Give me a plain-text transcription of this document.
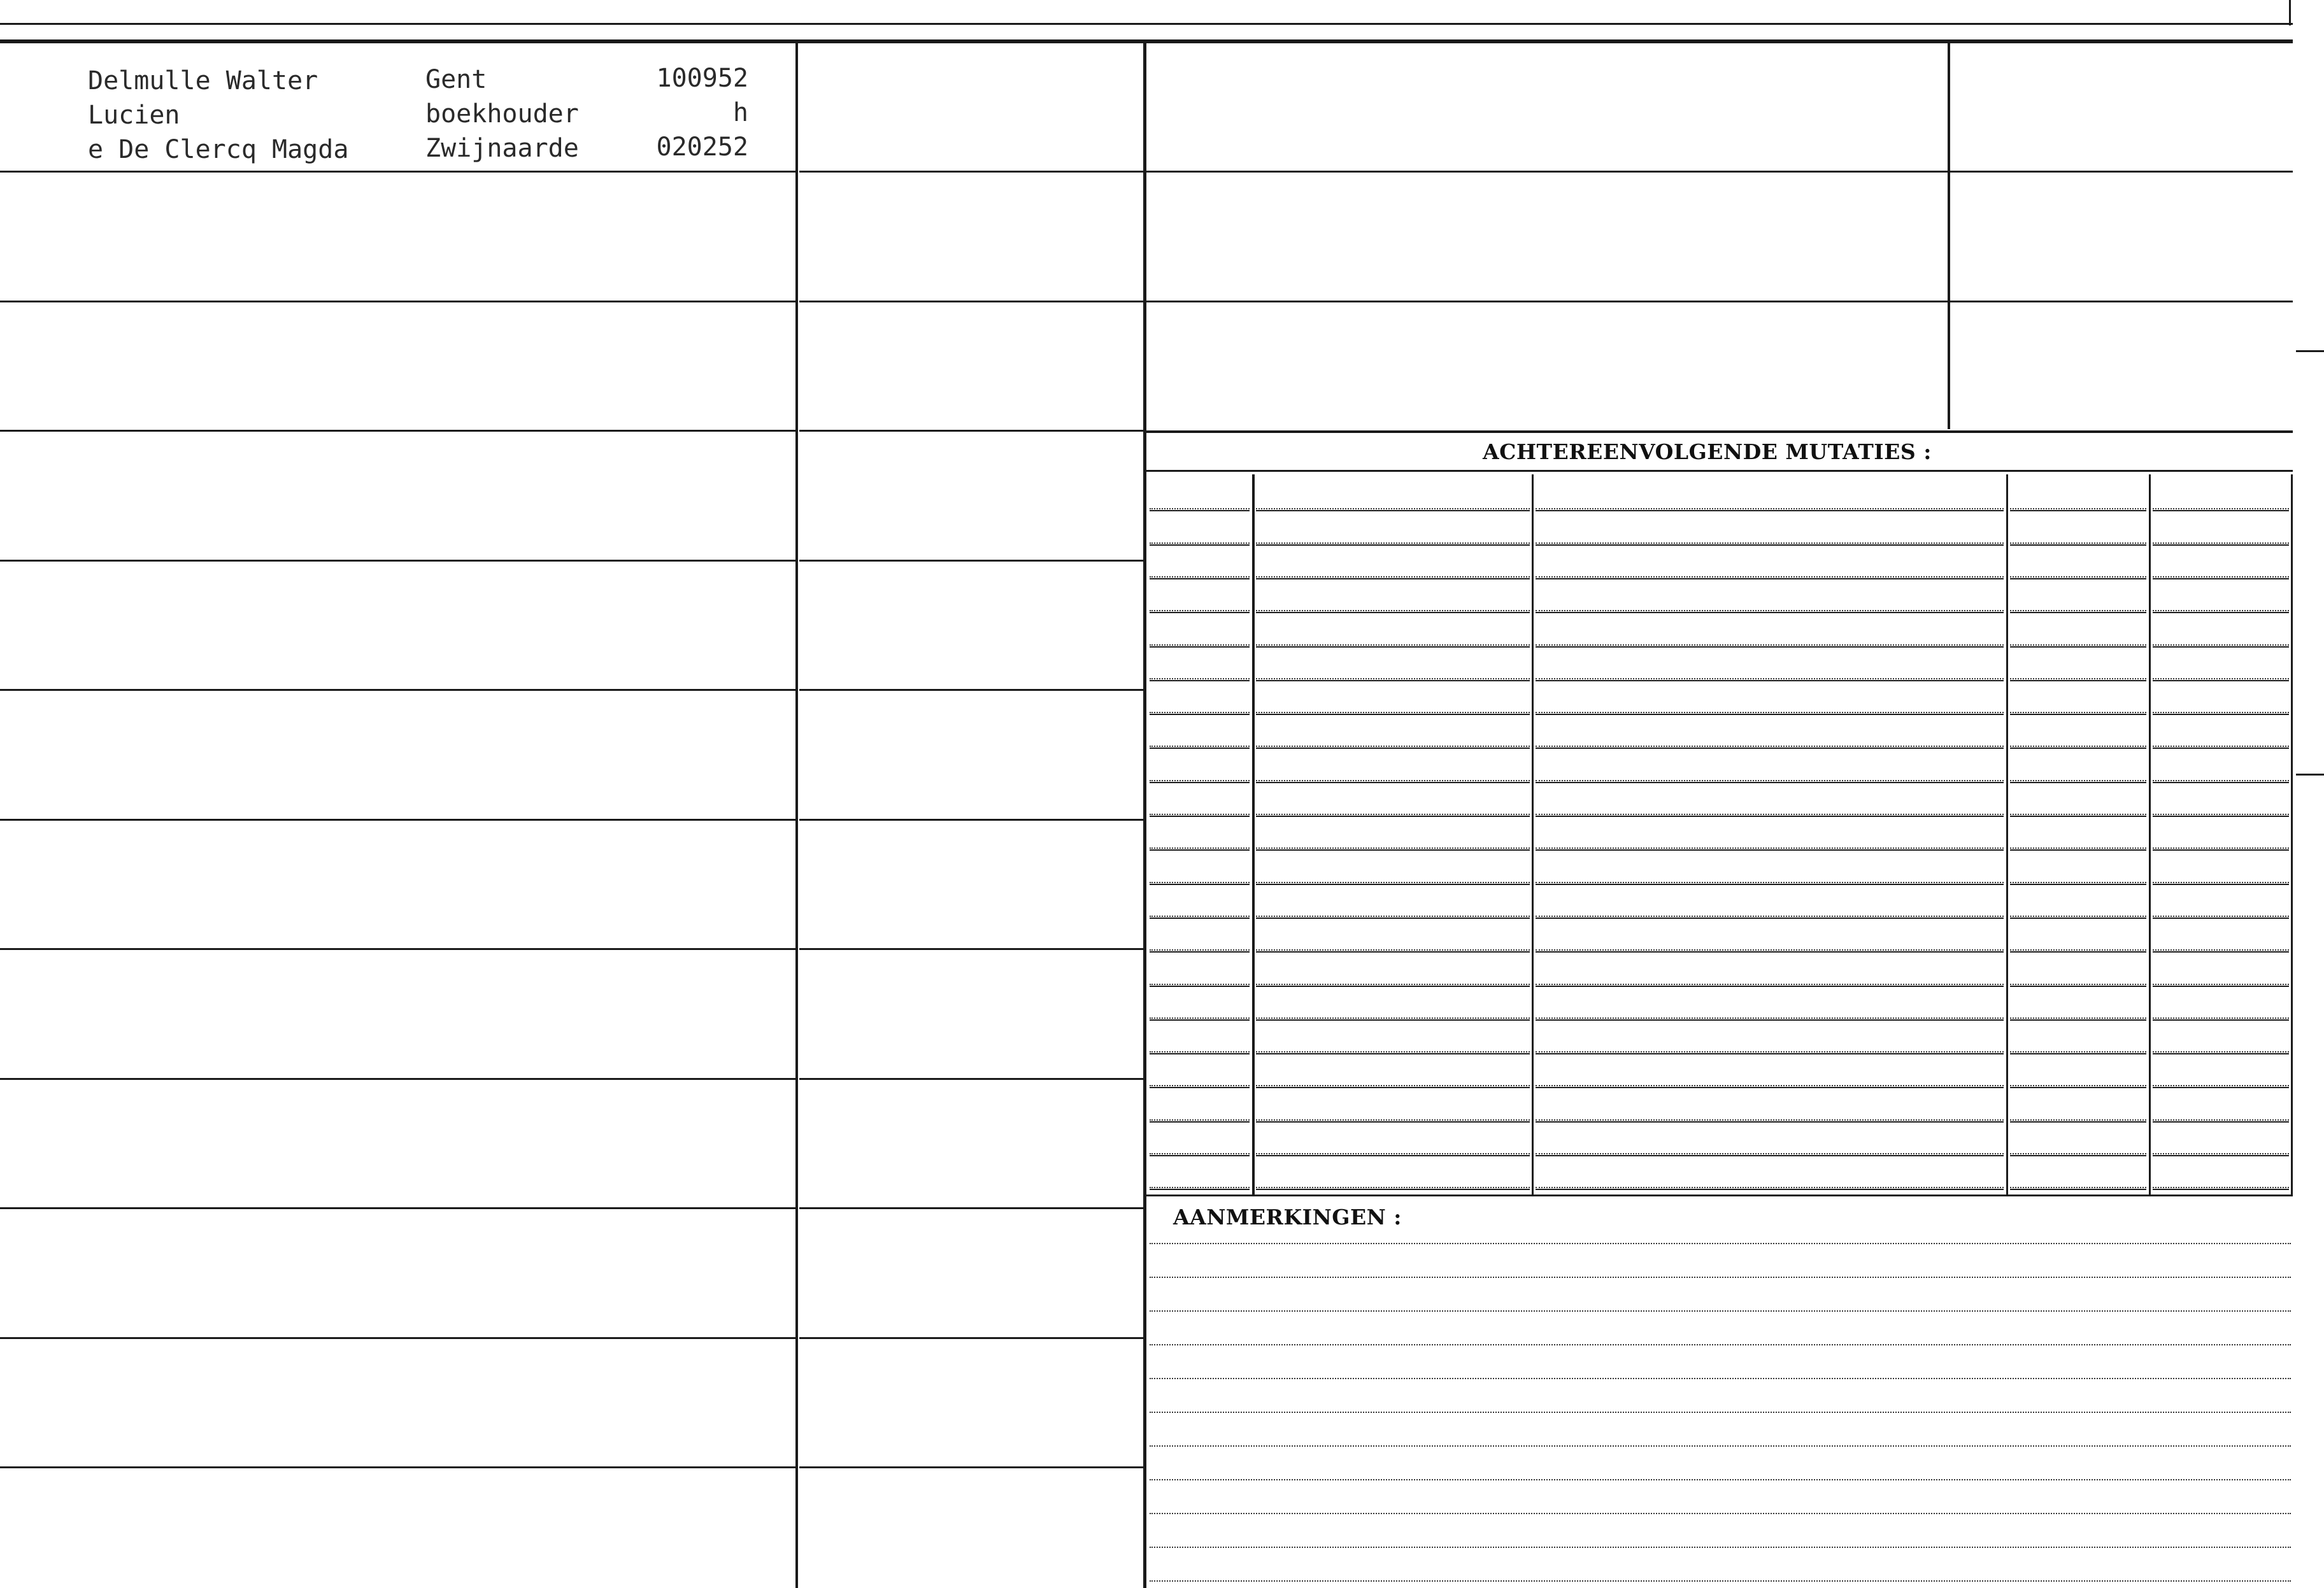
Delmulle Walter

Lucien

e De Clercq Magda

Gent

boekhouder

Zwijnaarde

100952

h

020252

ACHTEREENVOLGENDE MUTATIES :

AANMERKINGEN :
